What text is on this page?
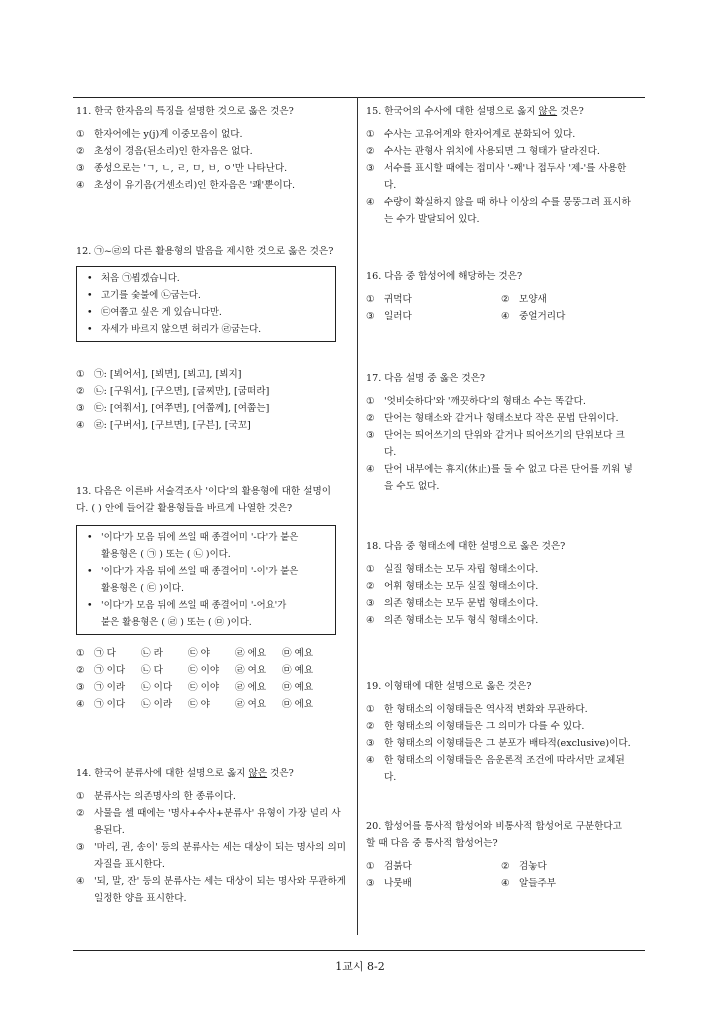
11. 한국 한자음의 특징을 설명한 것으로 옳은 것은?

① 한자어에는 y(j)계 이중모음이 없다.
② 초성이 경음(된소리)인 한자음은 없다.
③ 종성으로는 'ㄱ, ㄴ, ㄹ, ㅁ, ㅂ, ㅇ'만 나타난다.
④ 초성이 유기음(거센소리)인 한자음은 '쾌'뿐이다.

12. ㉠~㉣의 다른 활용형의 발음을 제시한 것으로 옳은 것은?

• 처음 ㉠뵙겠습니다.
• 고기를 숯불에 ㉡굽는다.
• ㉢여쭙고 싶은 게 있습니다만.
• 자세가 바르지 않으면 허리가 ㉣굽는다.
① ㉠: [뵈어서], [뵈면], [뵈고], [뵈지]
② ㉡: [구워서], [구으면], [굽찌만], [굽떠라]
③ ㉢: [여쭤서], [여쭈면], [여쭙께], [여쭙는]
④ ㉣: [구버서], [구브면], [구븐], [국꼬]

13. 다음은 이른바 서술격조사 '이다'의 활용형에 대한 설명이
다. ( ) 안에 들어갈 활용형들을 바르게 나열한 것은?

• '이다'가 모음 뒤에 쓰일 때 종결어미 '-다'가 붙은
활용형은 ( ㉠ ) 또는 ( ㉡ )이다.
• '이다'가 자음 뒤에 쓰일 때 종결어미 '-이'가 붙은
활용형은 ( ㉢ )이다.
• '이다'가 모음 뒤에 쓰일 때 종결어미 '-어요'가
붙은 활용형은 ( ㉣ ) 또는 ( ㉤ )이다.
① ㉠ 다	㉡ 라	㉢ 야	㉣ 에요	㉤ 예요
② ㉠ 이다	㉡ 다	㉢ 이야	㉣ 여요	㉤ 예요
③ ㉠ 이라	㉡ 이다	㉢ 이야	㉣ 에요	㉤ 예요
④ ㉠ 이다	㉡ 이라	㉢ 야	㉣ 여요	㉤ 에요

14. 한국어 분류사에 대한 설명으로 옳지 않은 것은?

① 분류사는 의존명사의 한 종류이다.
② 사물을 셀 때에는 '명사+수사+분류사' 유형이 가장 널리 사용된다.
③ '마리, 권, 송이' 등의 분류사는 세는 대상이 되는 명사의 의미 자질을 표시한다.
④ '되, 말, 잔' 등의 분류사는 세는 대상이 되는 명사와 무관하게 일정한 양을 표시한다.

15. 한국어의 수사에 대한 설명으로 옳지 않은 것은?

① 수사는 고유어계와 한자어계로 분화되어 있다.
② 수사는 관형사 위치에 사용되면 그 형태가 달라진다.
③ 서수를 표시할 때에는 접미사 '-째'나 접두사 '제-'를 사용한다.
④ 수량이 확실하지 않을 때 하나 이상의 수를 뭉뚱그려 표시하는 수가 발달되어 있다.

16. 다음 중 합성어에 해당하는 것은?

① 귀먹다	② 모양새
③ 일러다	④ 중얼거리다

17. 다음 설명 중 옳은 것은?

① '엇비슷하다'와 '깨끗하다'의 형태소 수는 똑같다.
② 단어는 형태소와 같거나 형태소보다 작은 문법 단위이다.
③ 단어는 띄어쓰기의 단위와 같거나 띄어쓰기의 단위보다 크다.
④ 단어 내부에는 휴지(休止)를 둘 수 없고 다른 단어를 끼워 넣을 수도 없다.

18. 다음 중 형태소에 대한 설명으로 옳은 것은?

① 실질 형태소는 모두 자립 형태소이다.
② 어휘 형태소는 모두 실질 형태소이다.
③ 의존 형태소는 모두 문법 형태소이다.
④ 의존 형태소는 모두 형식 형태소이다.

19. 이형태에 대한 설명으로 옳은 것은?

① 한 형태소의 이형태들은 역사적 변화와 무관하다.
② 한 형태소의 이형태들은 그 의미가 다를 수 있다.
③ 한 형태소의 이형태들은 그 분포가 배타적(exclusive)이다.
④ 한 형태소의 이형태들은 음운론적 조건에 따라서만 교체된다.

20. 합성어를 통사적 합성어와 비통사적 합성어로 구분한다고
할 때 다음 중 통사적 합성어는?

① 검붉다	② 검놓다
③ 나뭇배	④ 알들주부
1교시 8-2
